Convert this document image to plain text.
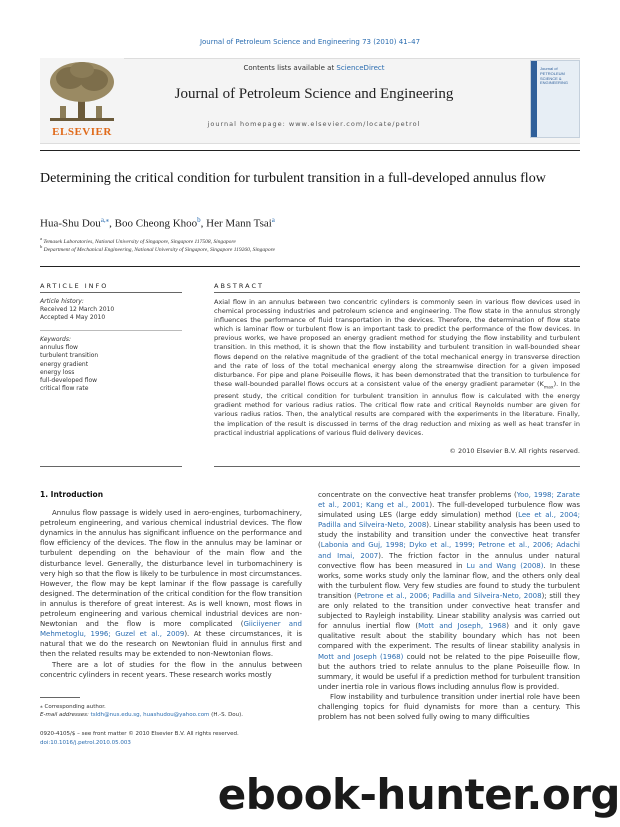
Journal of Petroleum Science and Engineering 73 (2010) 41–47
ELSEVIER
Contents lists available at ScienceDirect
Journal of Petroleum Science and Engineering
journal homepage: www.elsevier.com/locate/petrol
Journal of PETROLEUM SCIENCE & ENGINEERING
Determining the critical condition for turbulent transition in a full-developed annulus flow
Hua-Shu Dou$^{a,⁎}$, Boo Cheong Khoo$^b$, Her Mann Tsai$^a$
$^a$ Temasek Laboratories, National University of Singapore, Singapore 117508, Singapore
$^b$ Department of Mechanical Engineering, National University of Singapore, Singapore 119260, Singapore
ARTICLE INFO
Article history:
Received 12 March 2010
Accepted 4 May 2010
Keywords:
annulus flow
turbulent transition
energy gradient
energy loss
full-developed flow
critical flow rate
ABSTRACT
Axial flow in an annulus between two concentric cylinders is commonly seen in various flow devices used in chemical processing industries and petroleum science and engineering. The flow state in the annulus strongly influences the performance of fluid transportation in the devices. Therefore, the determination of flow state which is laminar flow or turbulent flow is an important task to predict the performance of the flow devices. In previous works, we have proposed an energy gradient method for studying the flow instability and turbulent transition. In this method, it is shown that the flow instability and turbulent transition in wall-bounded shear flows depend on the relative magnitude of the gradient of the total mechanical energy in transverse direction and the rate of loss of the total mechanical energy along the streamwise direction for a given imposed disturbance. For pipe and plane Poiseuille flows, it has been demonstrated that the transition to turbulence for these wall-bounded parallel flows occurs at a consistent value of the energy gradient parameter $(K_{max})$. In the present study, the critical condition for turbulent transition in annulus flow is calculated with the energy gradient method for various radius ratios. The critical flow rate and critical Reynolds number are given for various radius ratios. Then, the analytical results are compared with the experiments in the literature. Finally, the implication of the result is discussed in terms of the drag reduction and mixing as well as heat transfer in practical industrial applications of various fluid delivery devices.
© 2010 Elsevier B.V. All rights reserved.
1. Introduction

Annulus flow passage is widely used in aero-engines, turbomachinery, petroleum engineering, and various chemical industrial devices. The flow dynamics in the annulus has significant influence on the performance and flow efficiency of the devices. The flow in the annulus may be laminar or turbulent depending on the behaviour of the main flow and the disturbance level. Generally, the disturbance level in turbomachinery is very high so that the flow is likely to be turbulence in most circumstances. However, the flow may be kept laminar if the flow passage is carefully designed. The determination of the critical condition for the flow transition in annulus is therefore of great interest. As is well known, most flows in petroleum engineering and various chemical industrial devices are non-Newtonian and the flow is more complicated (Giiciiyener and Mehmetoglu, 1996; Guzel et al., 2009). At these circumstances, it is natural that we do the research on Newtonian fluid in annulus first and then the related results may be extended to non-Newtonian flows.

There are a lot of studies for the flow in the annulus between concentric cylinders in recent years. These research works mostly

concentrate on the convective heat transfer problems (Yoo, 1998; Zarate et al., 2001; Kang et al., 2001). The full-developed turbulence flow was simulated using LES (large eddy simulation) method (Lee et al., 2004; Padilla and Silveira-Neto, 2008). Linear stability analysis has been used to study the instability and transition under the convective heat transfer (Labonia and Guj, 1998; Dyko et al., 1999; Petrone et al., 2006; Adachi and Imai, 2007). The friction factor in the annulus under natural convective flow has been measured in Lu and Wang (2008). In these works, some works study only the laminar flow, and the others only deal with the turbulent flow. Very few studies are found to study the turbulent transition (Petrone et al., 2006; Padilla and Silveira-Neto, 2008); still they are only related to the transition under convective heat transfer and subjected to Rayleigh instability. Linear stability analysis was carried out for annulus inertial flow (Mott and Joseph, 1968) and it only gave qualitative result about the stability boundary which has not been compared with the experiment. The results of linear stability analysis in Mott and Joseph (1968) could not be related to the pipe Poiseuille flow, but the authors tried to relate annulus to the plane Poiseuille flow. In summary, it would be useful if a prediction method for turbulent transition under inertia role in various flows including annulus flow is provided.

Flow instability and turbulence transition under inertial role have been challenging topics for fluid dynamists for more than a century. This problem has not been solved fully owing to many difficulties

⁎ Corresponding author.
E-mail addresses: tsldh@nus.edu.sg, huashudou@yahoo.com (H.-S. Dou).
0920-4105/$ – see front matter © 2010 Elsevier B.V. All rights reserved.
doi:10.1016/j.petrol.2010.05.003
ebook-hunter.org
